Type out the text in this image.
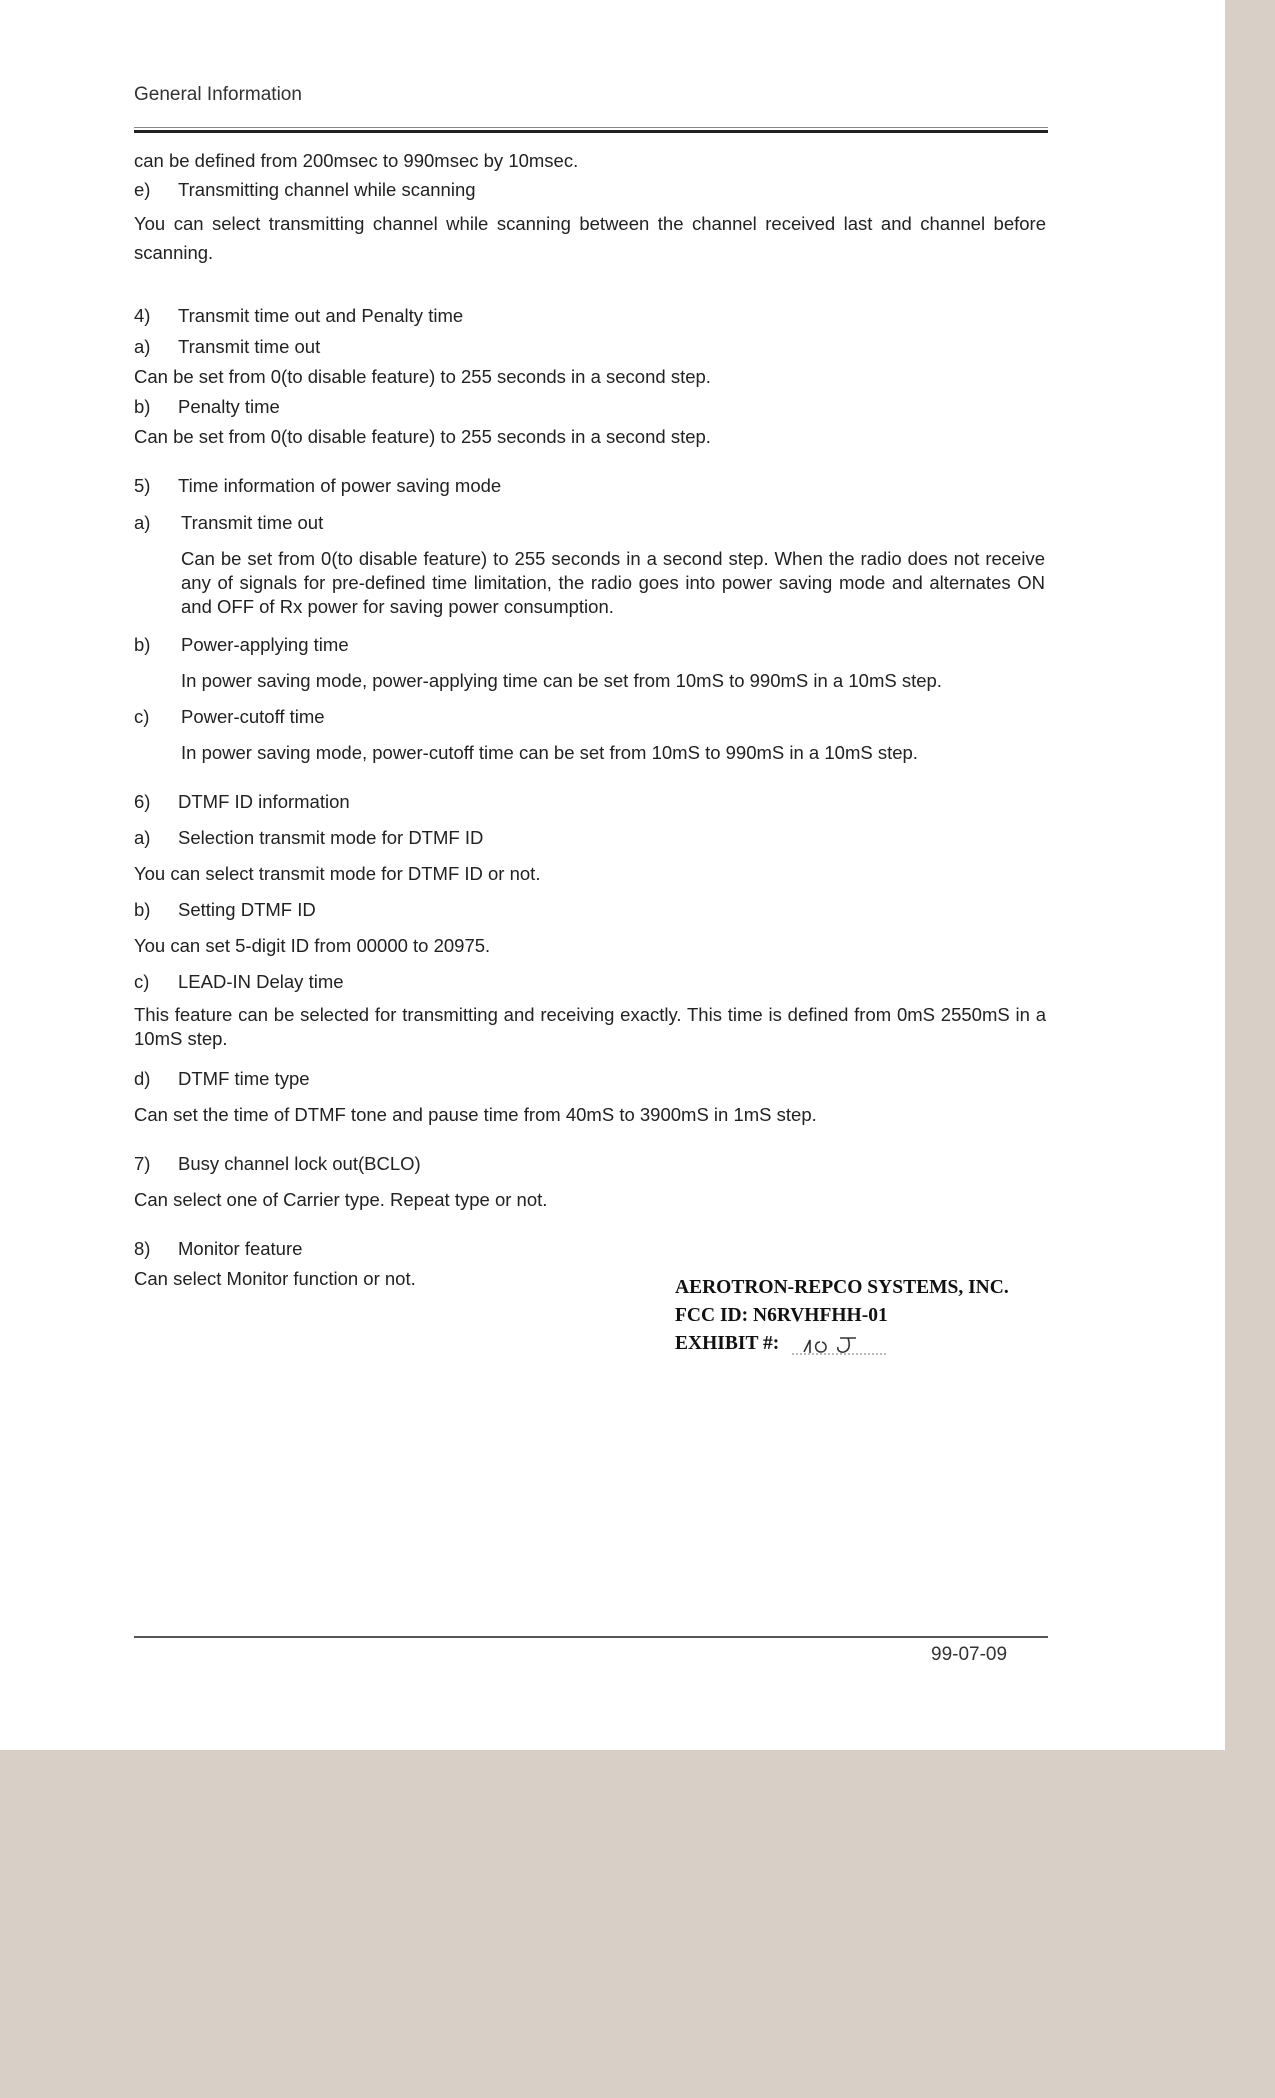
General Information
can be defined from 200msec to 990msec by 10msec.
e) Transmitting channel while scanning
You can select transmitting channel while scanning between the channel received last and channel before scanning.
4) Transmit time out and Penalty time
a) Transmit time out
Can be set from 0(to disable feature) to 255 seconds in a second step.
b) Penalty time
Can be set from 0(to disable feature) to 255 seconds in a second step.
5) Time information of power saving mode
a) Transmit time out
Can be set from 0(to disable feature) to 255 seconds in a second step. When the radio does not receive any of signals for pre-defined time limitation, the radio goes into power saving mode and alternates ON and OFF of Rx power for saving power consumption.
b) Power-applying time
In power saving mode, power-applying time can be set from 10mS to 990mS in a 10mS step.
c) Power-cutoff time
In power saving mode, power-cutoff time can be set from 10mS to 990mS in a 10mS step.
6) DTMF ID information
a) Selection transmit mode for DTMF ID
You can select transmit mode for DTMF ID or not.
b) Setting DTMF ID
You can set 5-digit ID from 00000 to 20975.
c) LEAD-IN Delay time
This feature can be selected for transmitting and receiving exactly. This time is defined from 0mS 2550mS in a 10mS step.
d) DTMF time type
Can set the time of DTMF tone and pause time from 40mS to 3900mS in 1mS step.
7) Busy channel lock out(BCLO)
Can select one of Carrier type. Repeat type or not.
8) Monitor feature
Can select Monitor function or not.	AEROTRON-REPCO SYSTEMS, INC.
FCC ID: N6RVHFHH-01
EXHIBIT #:
99-07-09
